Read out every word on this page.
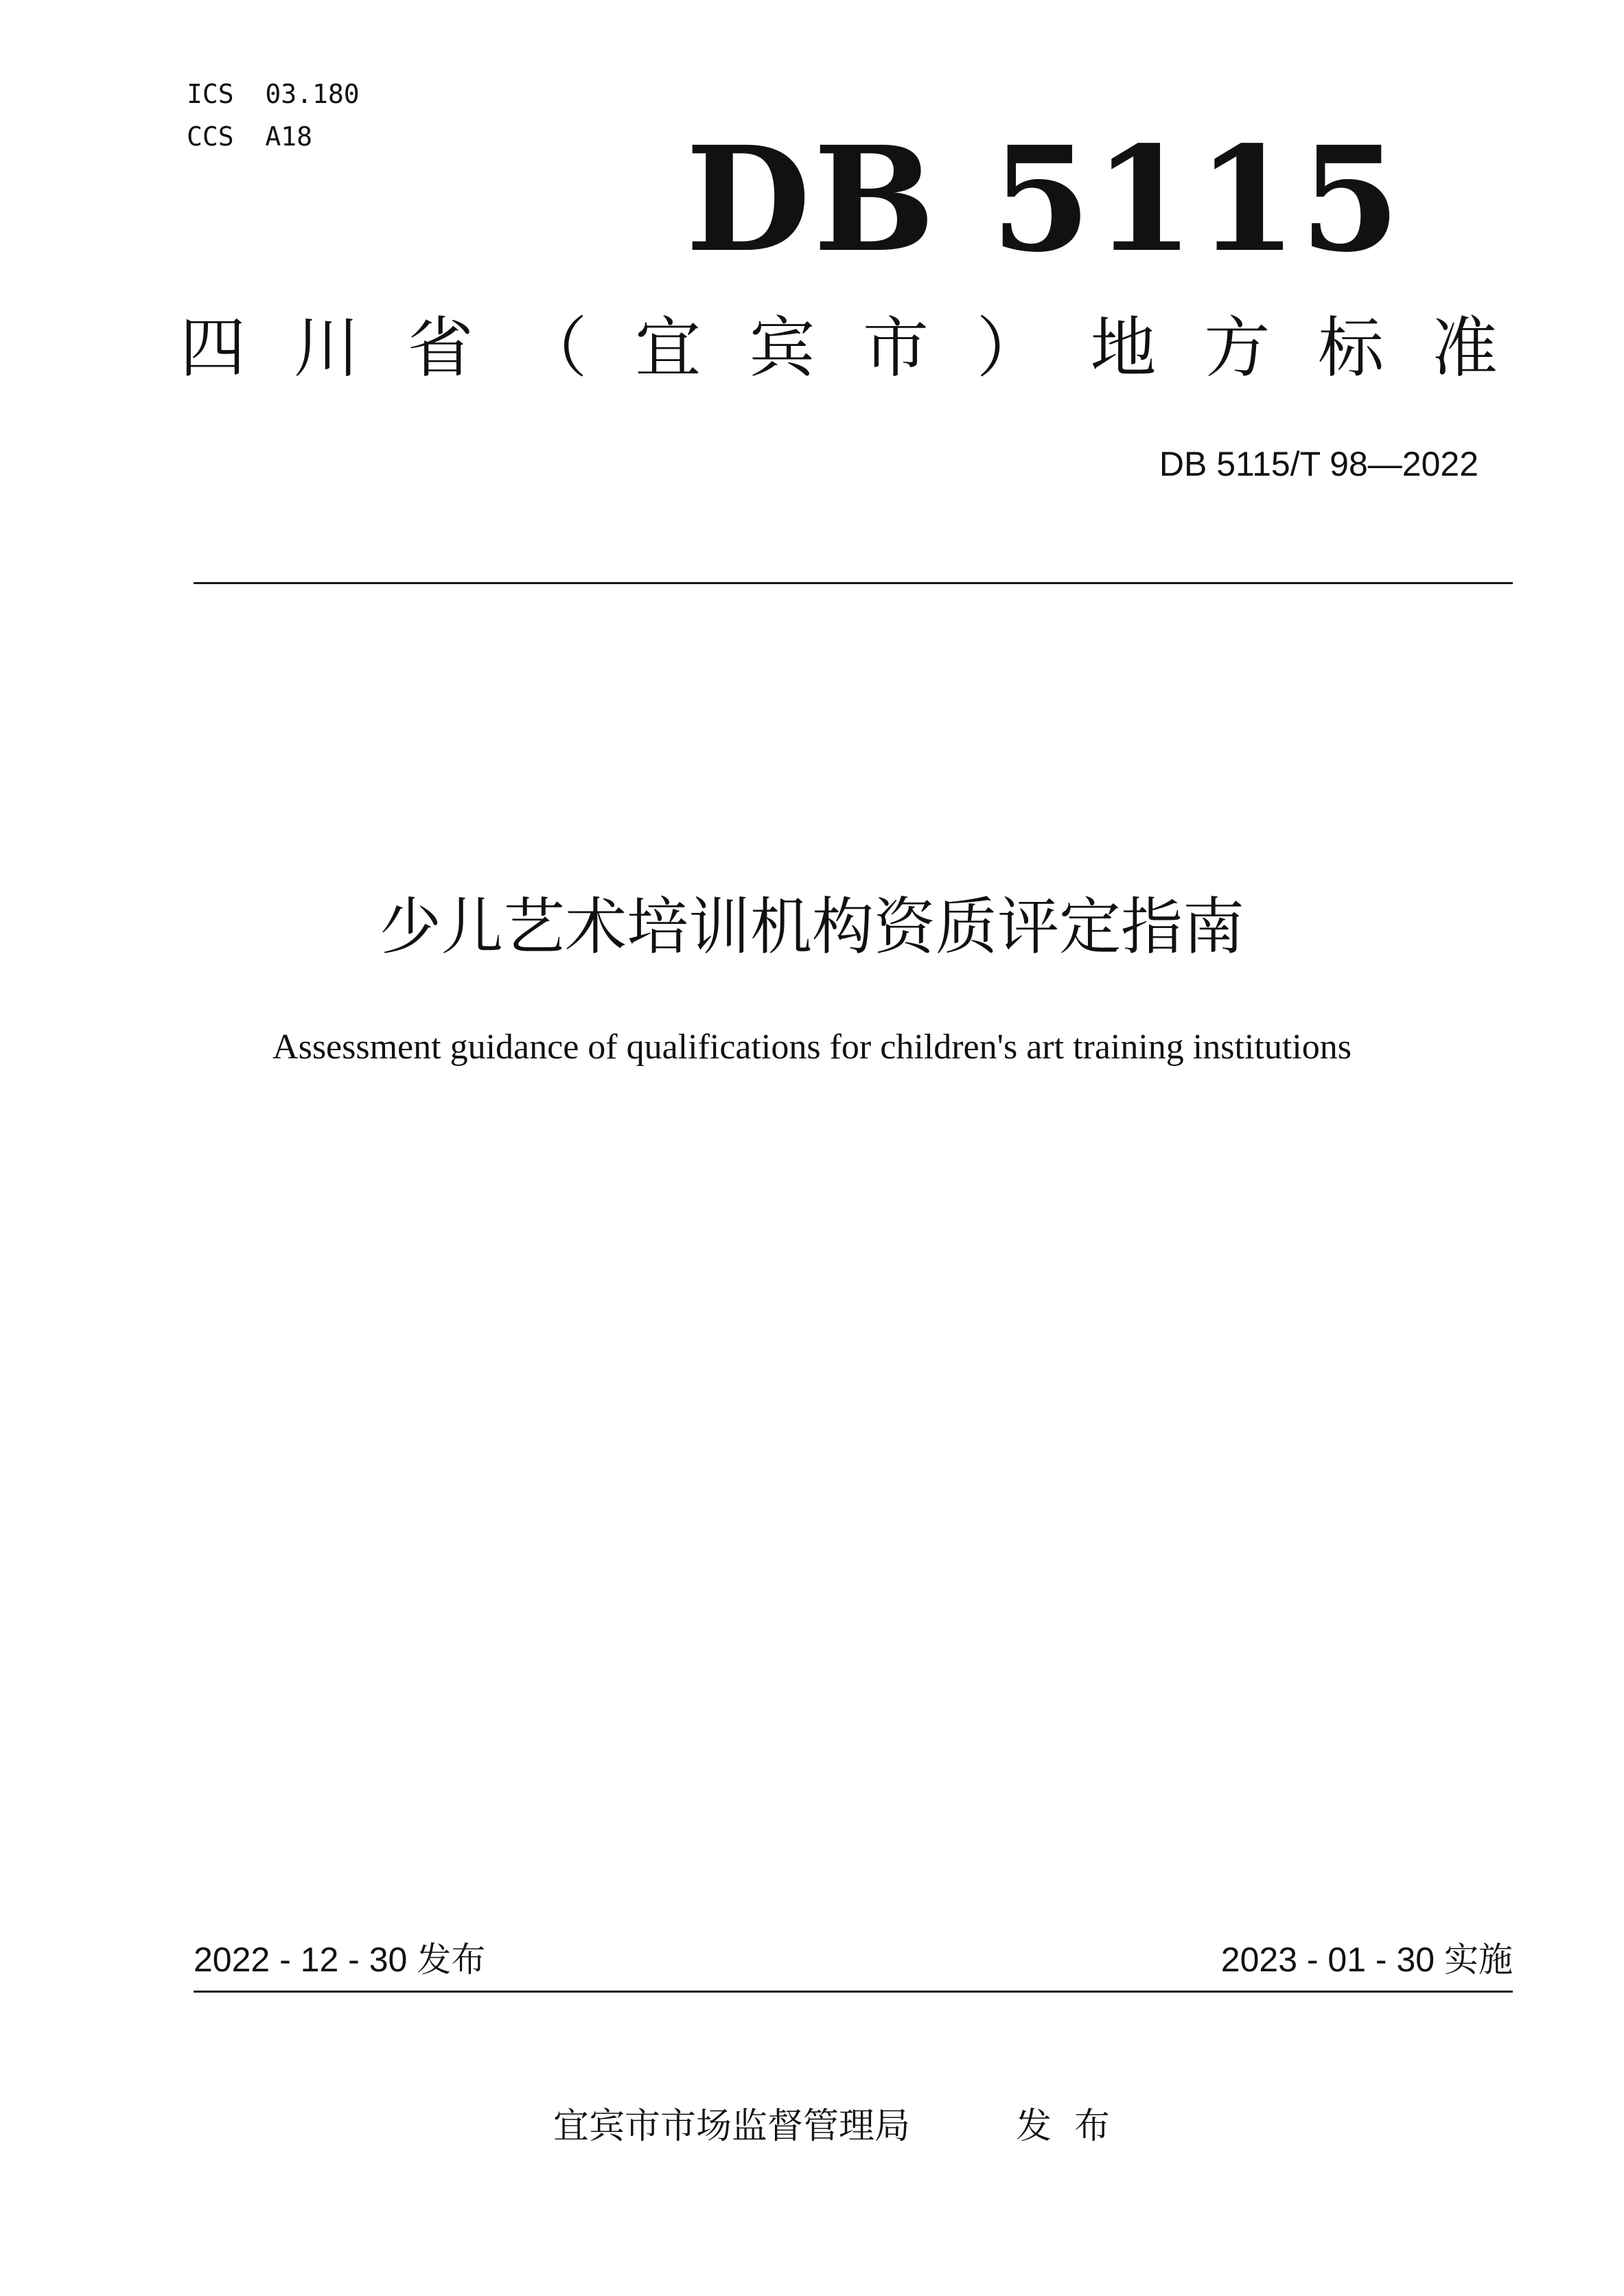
ICS  03.180
CCS  A18	DB 5115
四 川 省 （ 宜 宾 市 ） 地 方 标 准
DB 5115/T 98—2022
少儿艺术培训机构资质评定指南
Assessment guidance of qualifications for children's art training institutions
2022 - 12 - 30 发布	2023 - 01 - 30 实施
宜宾市市场监督管理局	发  布
